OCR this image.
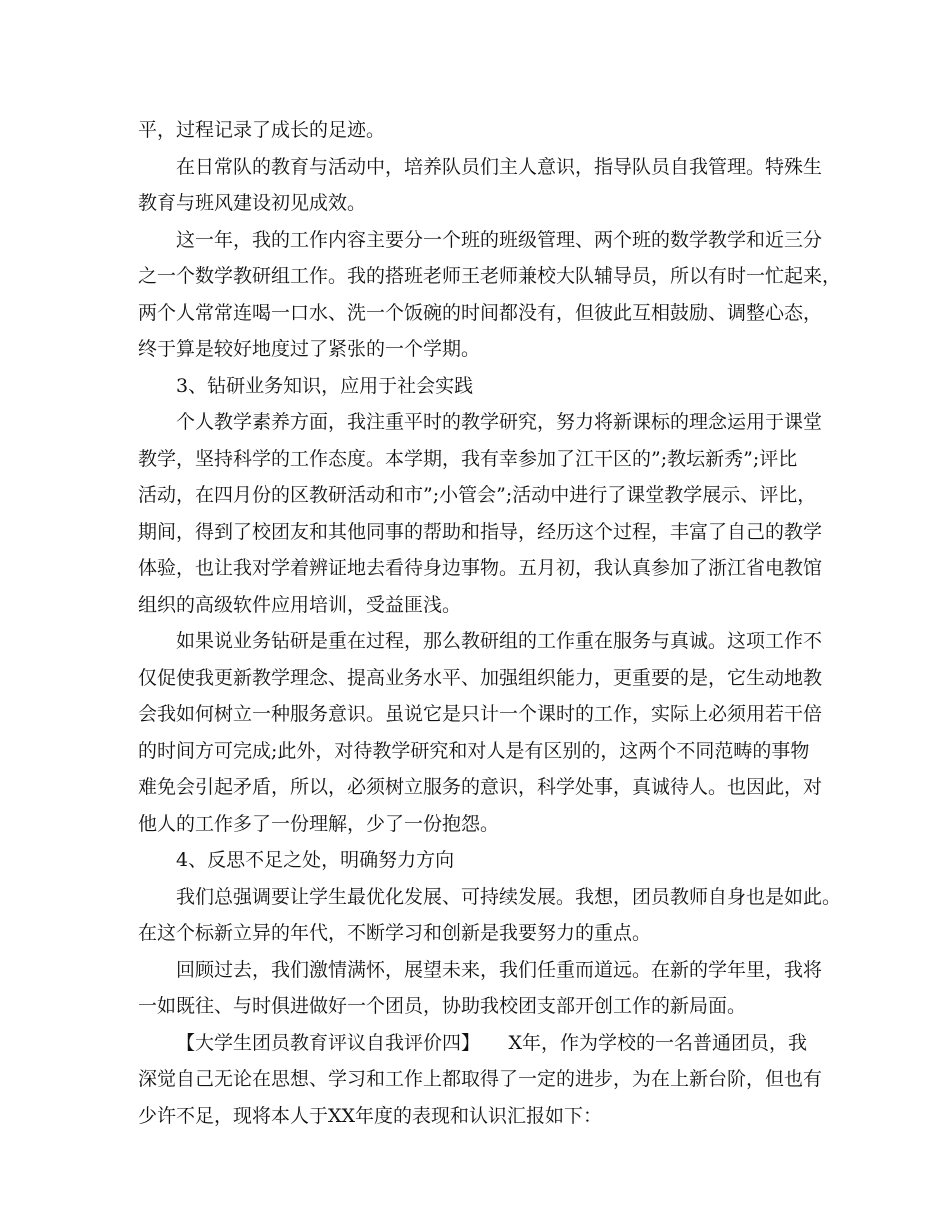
平，过程记录了成长的足迹。
在日常队的教育与活动中，培养队员们主人意识，指导队员自我管理。特殊生
教育与班风建设初见成效。
这一年，我的工作内容主要分一个班的班级管理、两个班的数学教学和近三分
之一个数学教研组工作。我的搭班老师王老师兼校大队辅导员，所以有时一忙起来，
两个人常常连喝一口水、洗一个饭碗的时间都没有，但彼此互相鼓励、调整心态，
终于算是较好地度过了紧张的一个学期。
3、钻研业务知识，应用于社会实践
个人教学素养方面，我注重平时的教学研究，努力将新课标的理念运用于课堂
教学，坚持科学的工作态度。本学期，我有幸参加了江干区的”;教坛新秀”;评比
活动，在四月份的区教研活动和市”;小管会”;活动中进行了课堂教学展示、评比，
期间，得到了校团友和其他同事的帮助和指导，经历这个过程，丰富了自己的教学
体验，也让我对学着辨证地去看待身边事物。五月初，我认真参加了浙江省电教馆
组织的高级软件应用培训，受益匪浅。
如果说业务钻研是重在过程，那么教研组的工作重在服务与真诚。这项工作不
仅促使我更新教学理念、提高业务水平、加强组织能力，更重要的是，它生动地教
会我如何树立一种服务意识。虽说它是只计一个课时的工作，实际上必须用若干倍
的时间方可完成;此外，对待教学研究和对人是有区别的，这两个不同范畴的事物
难免会引起矛盾，所以，必须树立服务的意识，科学处事，真诚待人。也因此，对
他人的工作多了一份理解，少了一份抱怨。
4、反思不足之处，明确努力方向
我们总强调要让学生最优化发展、可持续发展。我想，团员教师自身也是如此。
在这个标新立异的年代，不断学习和创新是我要努力的重点。
回顾过去，我们激情满怀，展望未来，我们任重而道远。在新的学年里，我将
一如既往、与时俱进做好一个团员，协助我校团支部开创工作的新局面。
【大学生团员教育评议自我评价四】　　X年，作为学校的一名普通团员，我
深觉自己无论在思想、学习和工作上都取得了一定的进步，为在上新台阶，但也有
少许不足，现将本人于XX年度的表现和认识汇报如下：
